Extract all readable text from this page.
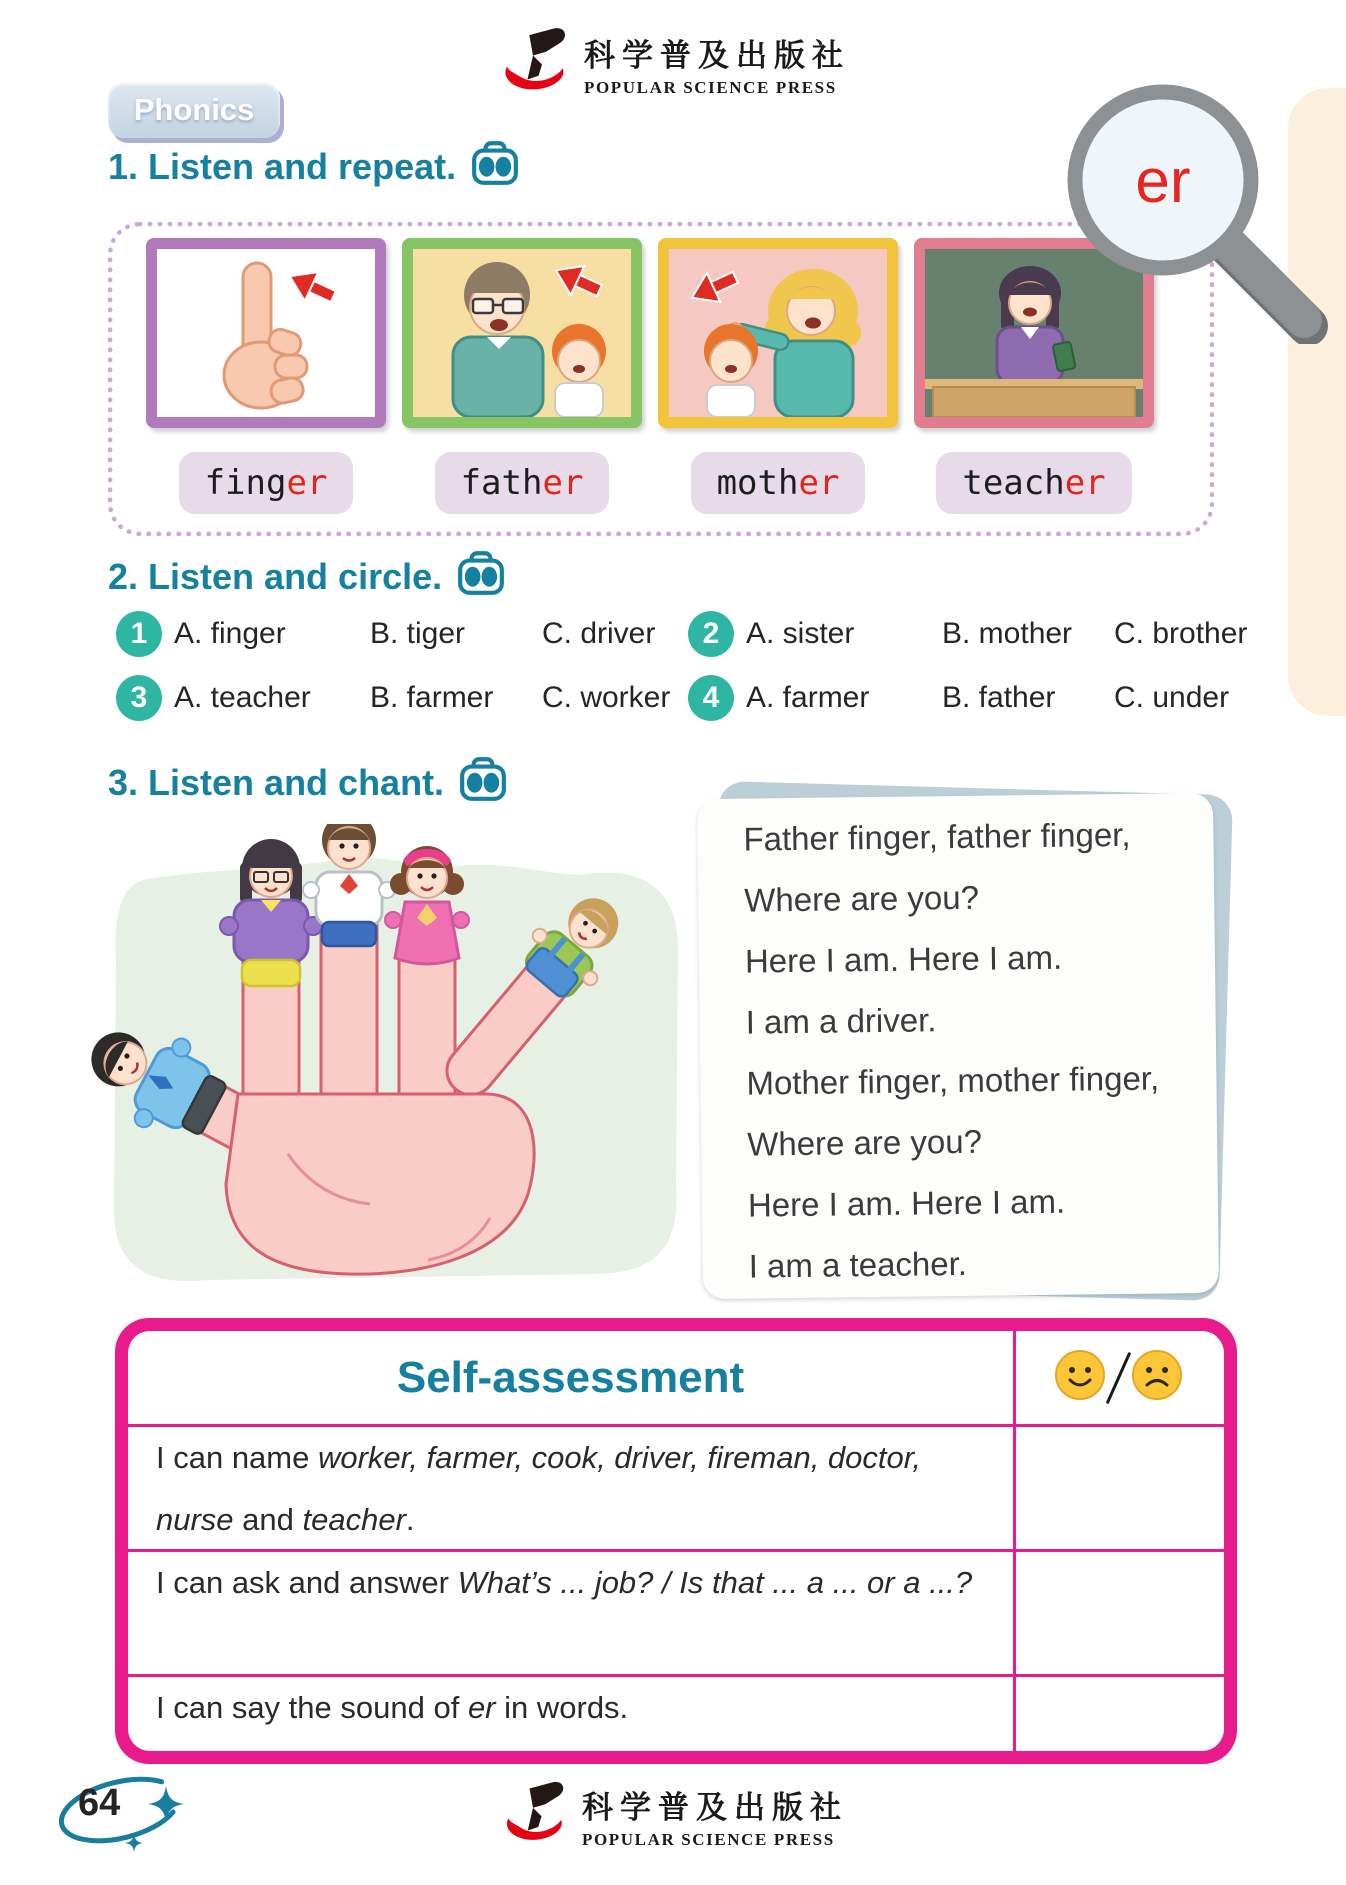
科学普及出版社
POPULAR SCIENCE PRESS
Phonics
1. Listen and repeat.
fing er	fath er	moth er	teach er
er
2. Listen and circle.
1 A. finger	B. tiger	C. driver	2 A. sister	B. mother	C. brother
3 A. teacher	B. farmer	C. worker	4 A. farmer	B. father	C. under
3. Listen and chant.

Father finger, father finger,

Where are you?

Here I am. Here I am.

I am a driver.

Mother finger, mother finger,

Where are you?

Here I am. Here I am.

I am a teacher.

Self-assessment
I can name worker, farmer, cook, driver, fireman, doctor, nurse and teacher.
I can ask and answer What’s ... job? / Is that ... a ... or a ...?
I can say the sound of er in words.
64	科学普及出版社
POPULAR SCIENCE PRESS
